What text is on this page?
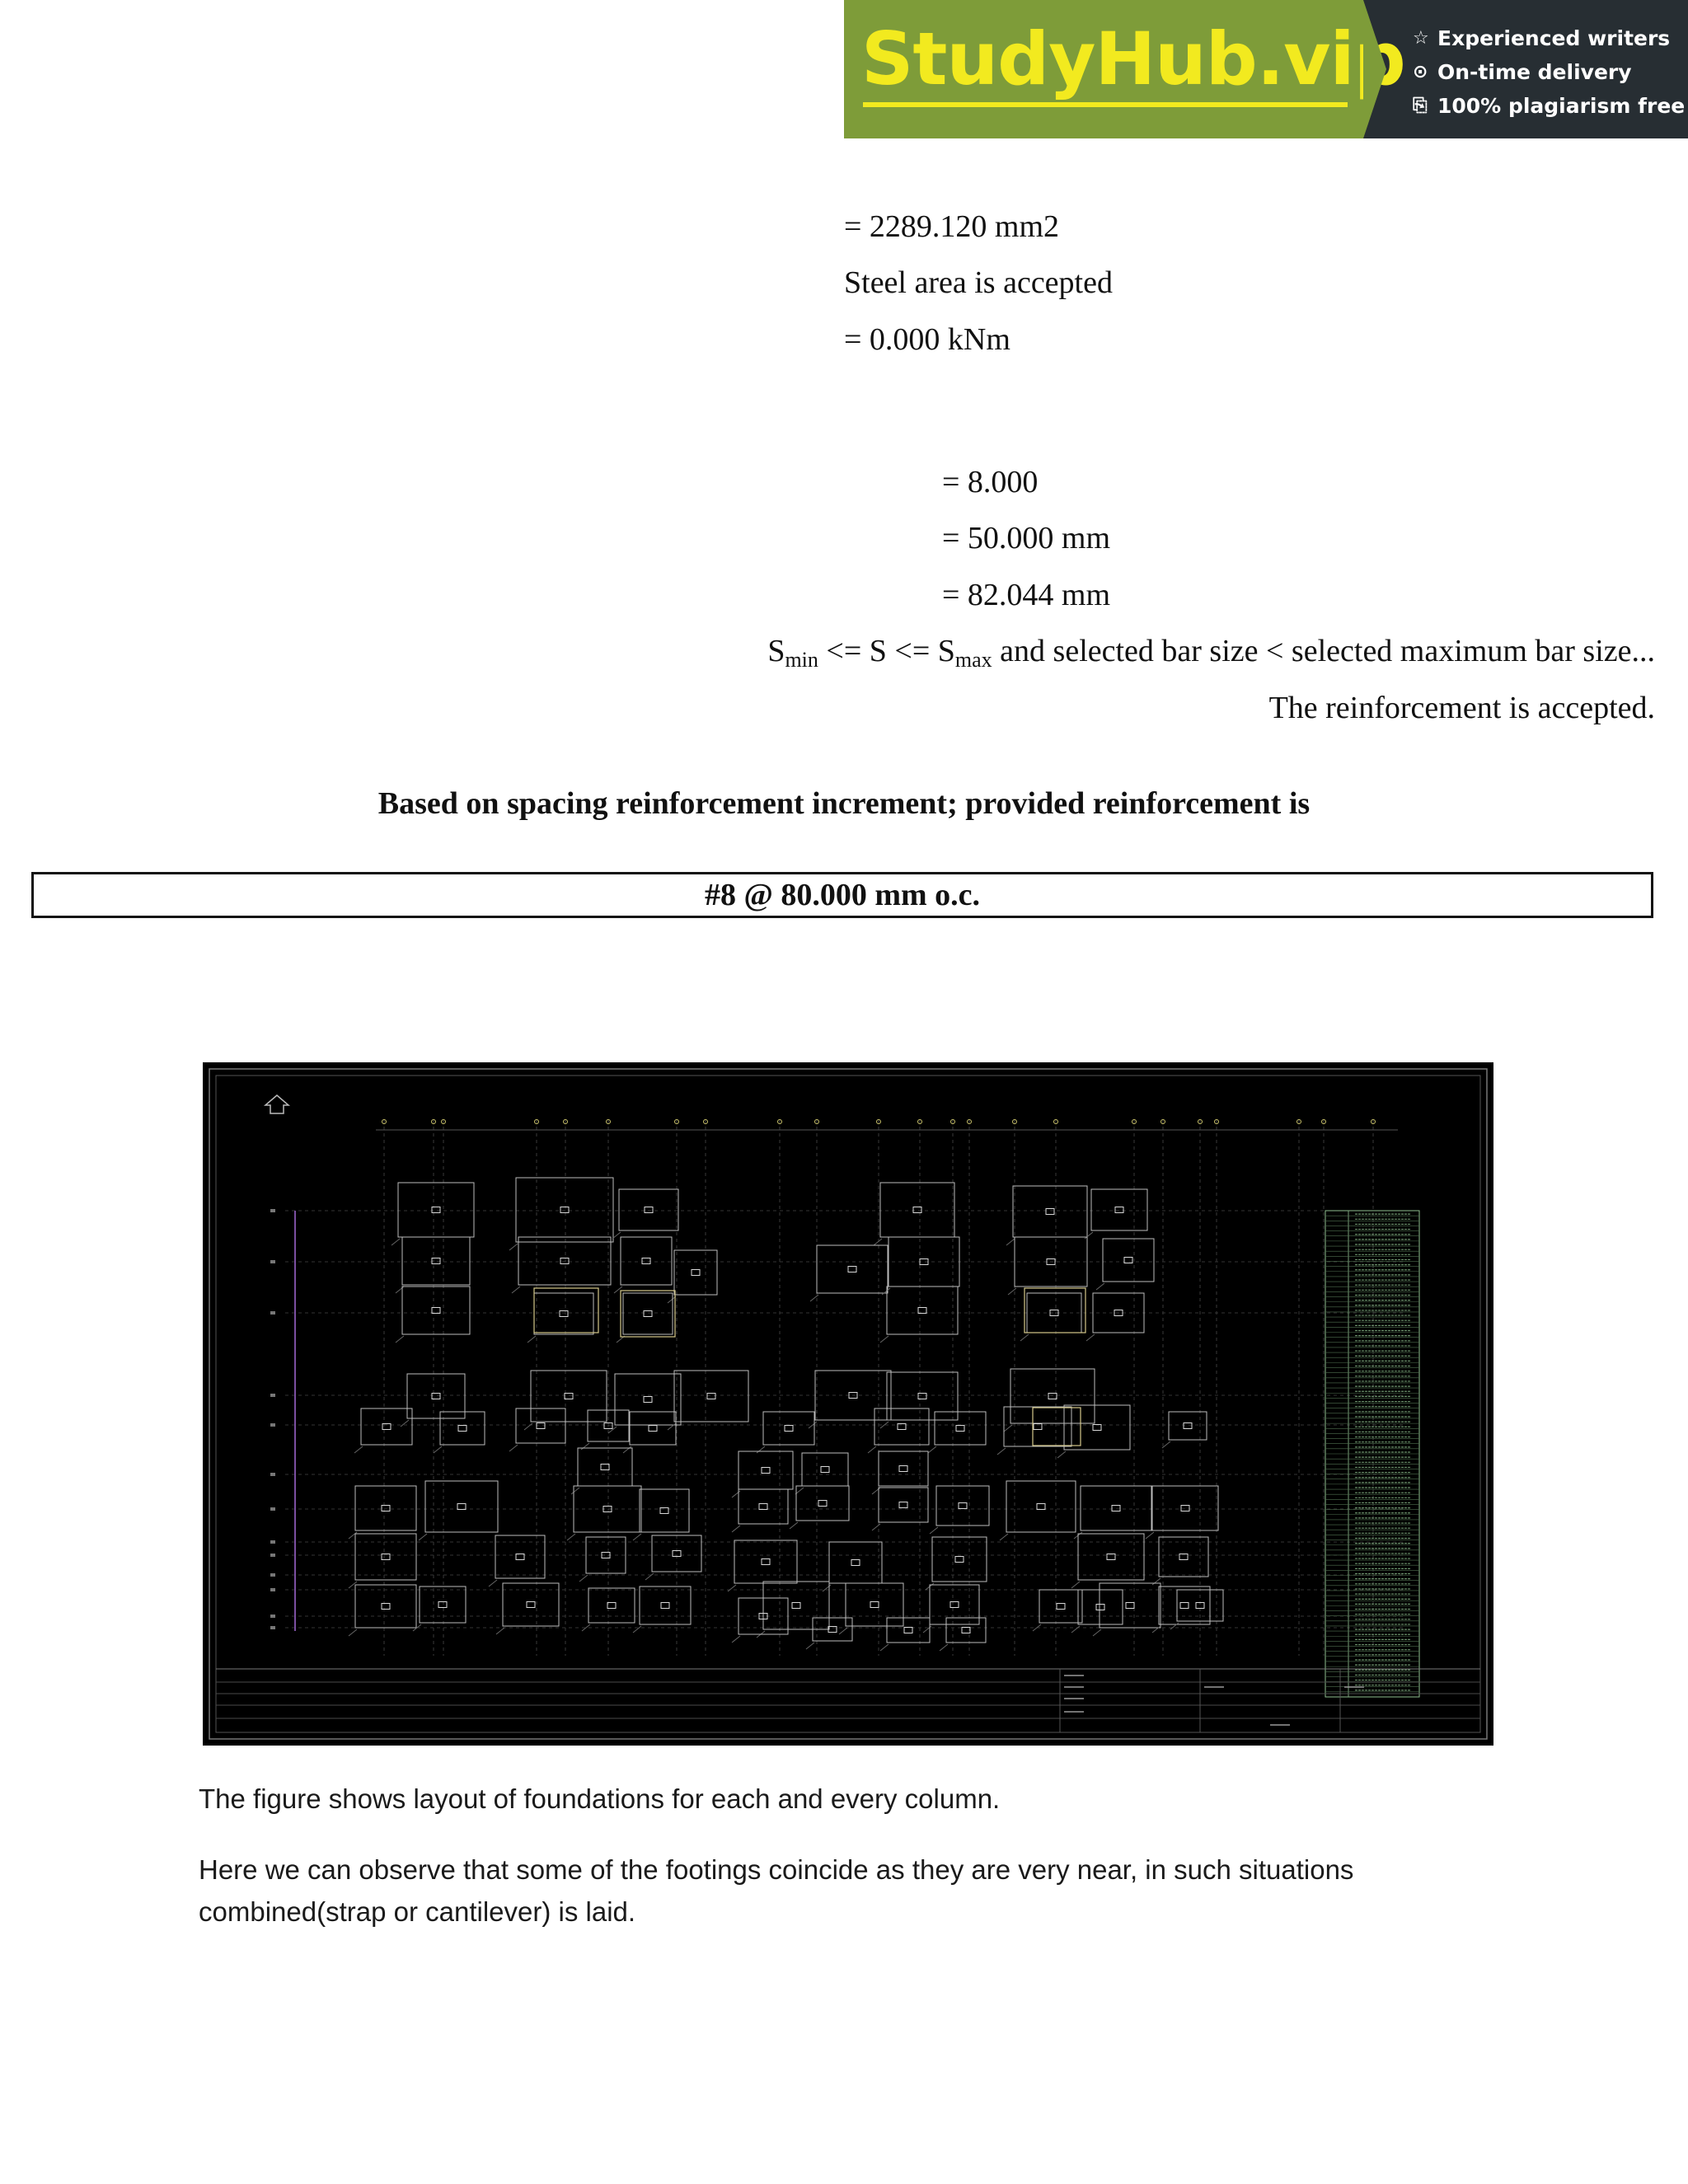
StudyHub.vip ☆ Experienced writers
⊙ On-time delivery
⎘ 100% plagiarism free
= 2289.120 mm2
Steel area is accepted
= 0.000 kNm
= 8.000
= 50.000 mm
= 82.044 mm
$S_{min} <= S <= S_{max}$ and selected bar size < selected maximum bar size...
The reinforcement is accepted.
Based on spacing reinforcement increment; provided reinforcement is
#8 @ 80.000 mm o.c.
The figure shows layout of foundations for each and every column.
Here we can observe that some of the footings coincide as they are very near, in such situations combined(strap or cantilever) is laid.
